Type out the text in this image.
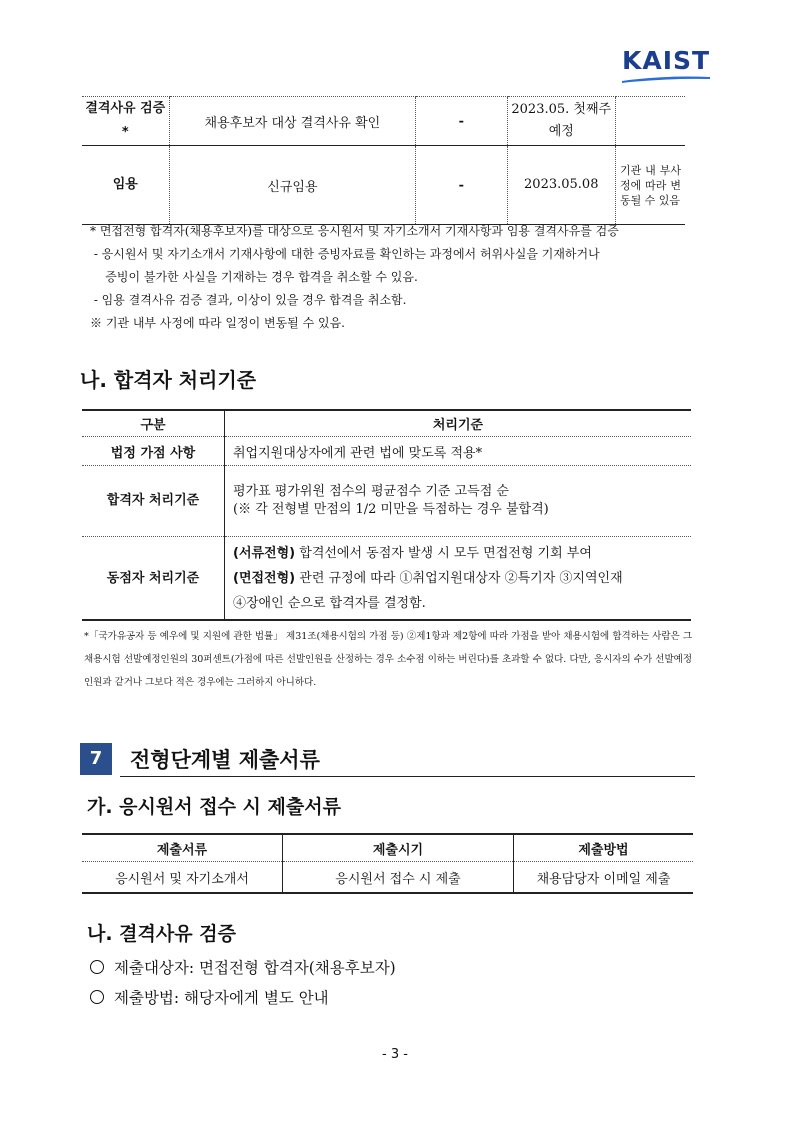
KAIST
결격사유 검증*	채용후보자 대상 결격사유 확인	-	2023.05. 첫째주예정	
임용	신규임용	-	2023.05.08	기관 내 부사정에 따라 변동될 수 있음
* 면접전형 합격자(채용후보자)를 대상으로 응시원서 및 자기소개서 기재사항과 임용 결격사유를 검증
- 응시원서 및 자기소개서 기재사항에 대한 증빙자료를 확인하는 과정에서 허위사실을 기재하거나
증빙이 불가한 사실을 기재하는 경우 합격을 취소할 수 있음.
- 임용 결격사유 검증 결과, 이상이 있을 경우 합격을 취소함.
※ 기관 내부 사정에 따라 일정이 변동될 수 있음.
나. 합격자 처리기준
구분	처리기준
법정 가점 사항	취업지원대상자에게 관련 법에 맞도록 적용*
합격자 처리기준	평가표 평가위원 점수의 평균점수 기준 고득점 순
(※ 각 전형별 만점의 1/2 미만을 득점하는 경우 불합격)

동점자 처리기준	(서류전형) 합격선에서 동점자 발생 시 모두 면접전형 기회 부여
(면접전형) 관련 규정에 따라 ①취업지원대상자 ②특기자 ③지역인재
④장애인 순으로 합격자를 결정함.
*「국가유공자 등 예우에 및 지원에 관한 법률」 제31조(채용시험의 가점 등) ②제1항과 제2항에 따라 가점을 받아 채용시험에 합격하는 사람은 그 채용시험 선발예정인원의 30퍼센트(가점에 따른 선발인원을 산정하는 경우 소수점 이하는 버린다)를 초과할 수 없다. 다만, 응시자의 수가 선발예정인원과 같거나 그보다 적은 경우에는 그러하지 아니하다.
7	전형단계별 제출서류
가. 응시원서 접수 시 제출서류
제출서류	제출시기	제출방법
응시원서 및 자기소개서	응시원서 접수 시 제출	채용담당자 이메일 제출
나. 결격사유 검증
제출대상자: 면접전형 합격자(채용후보자)
제출방법: 해당자에게 별도 안내
- 3 -
